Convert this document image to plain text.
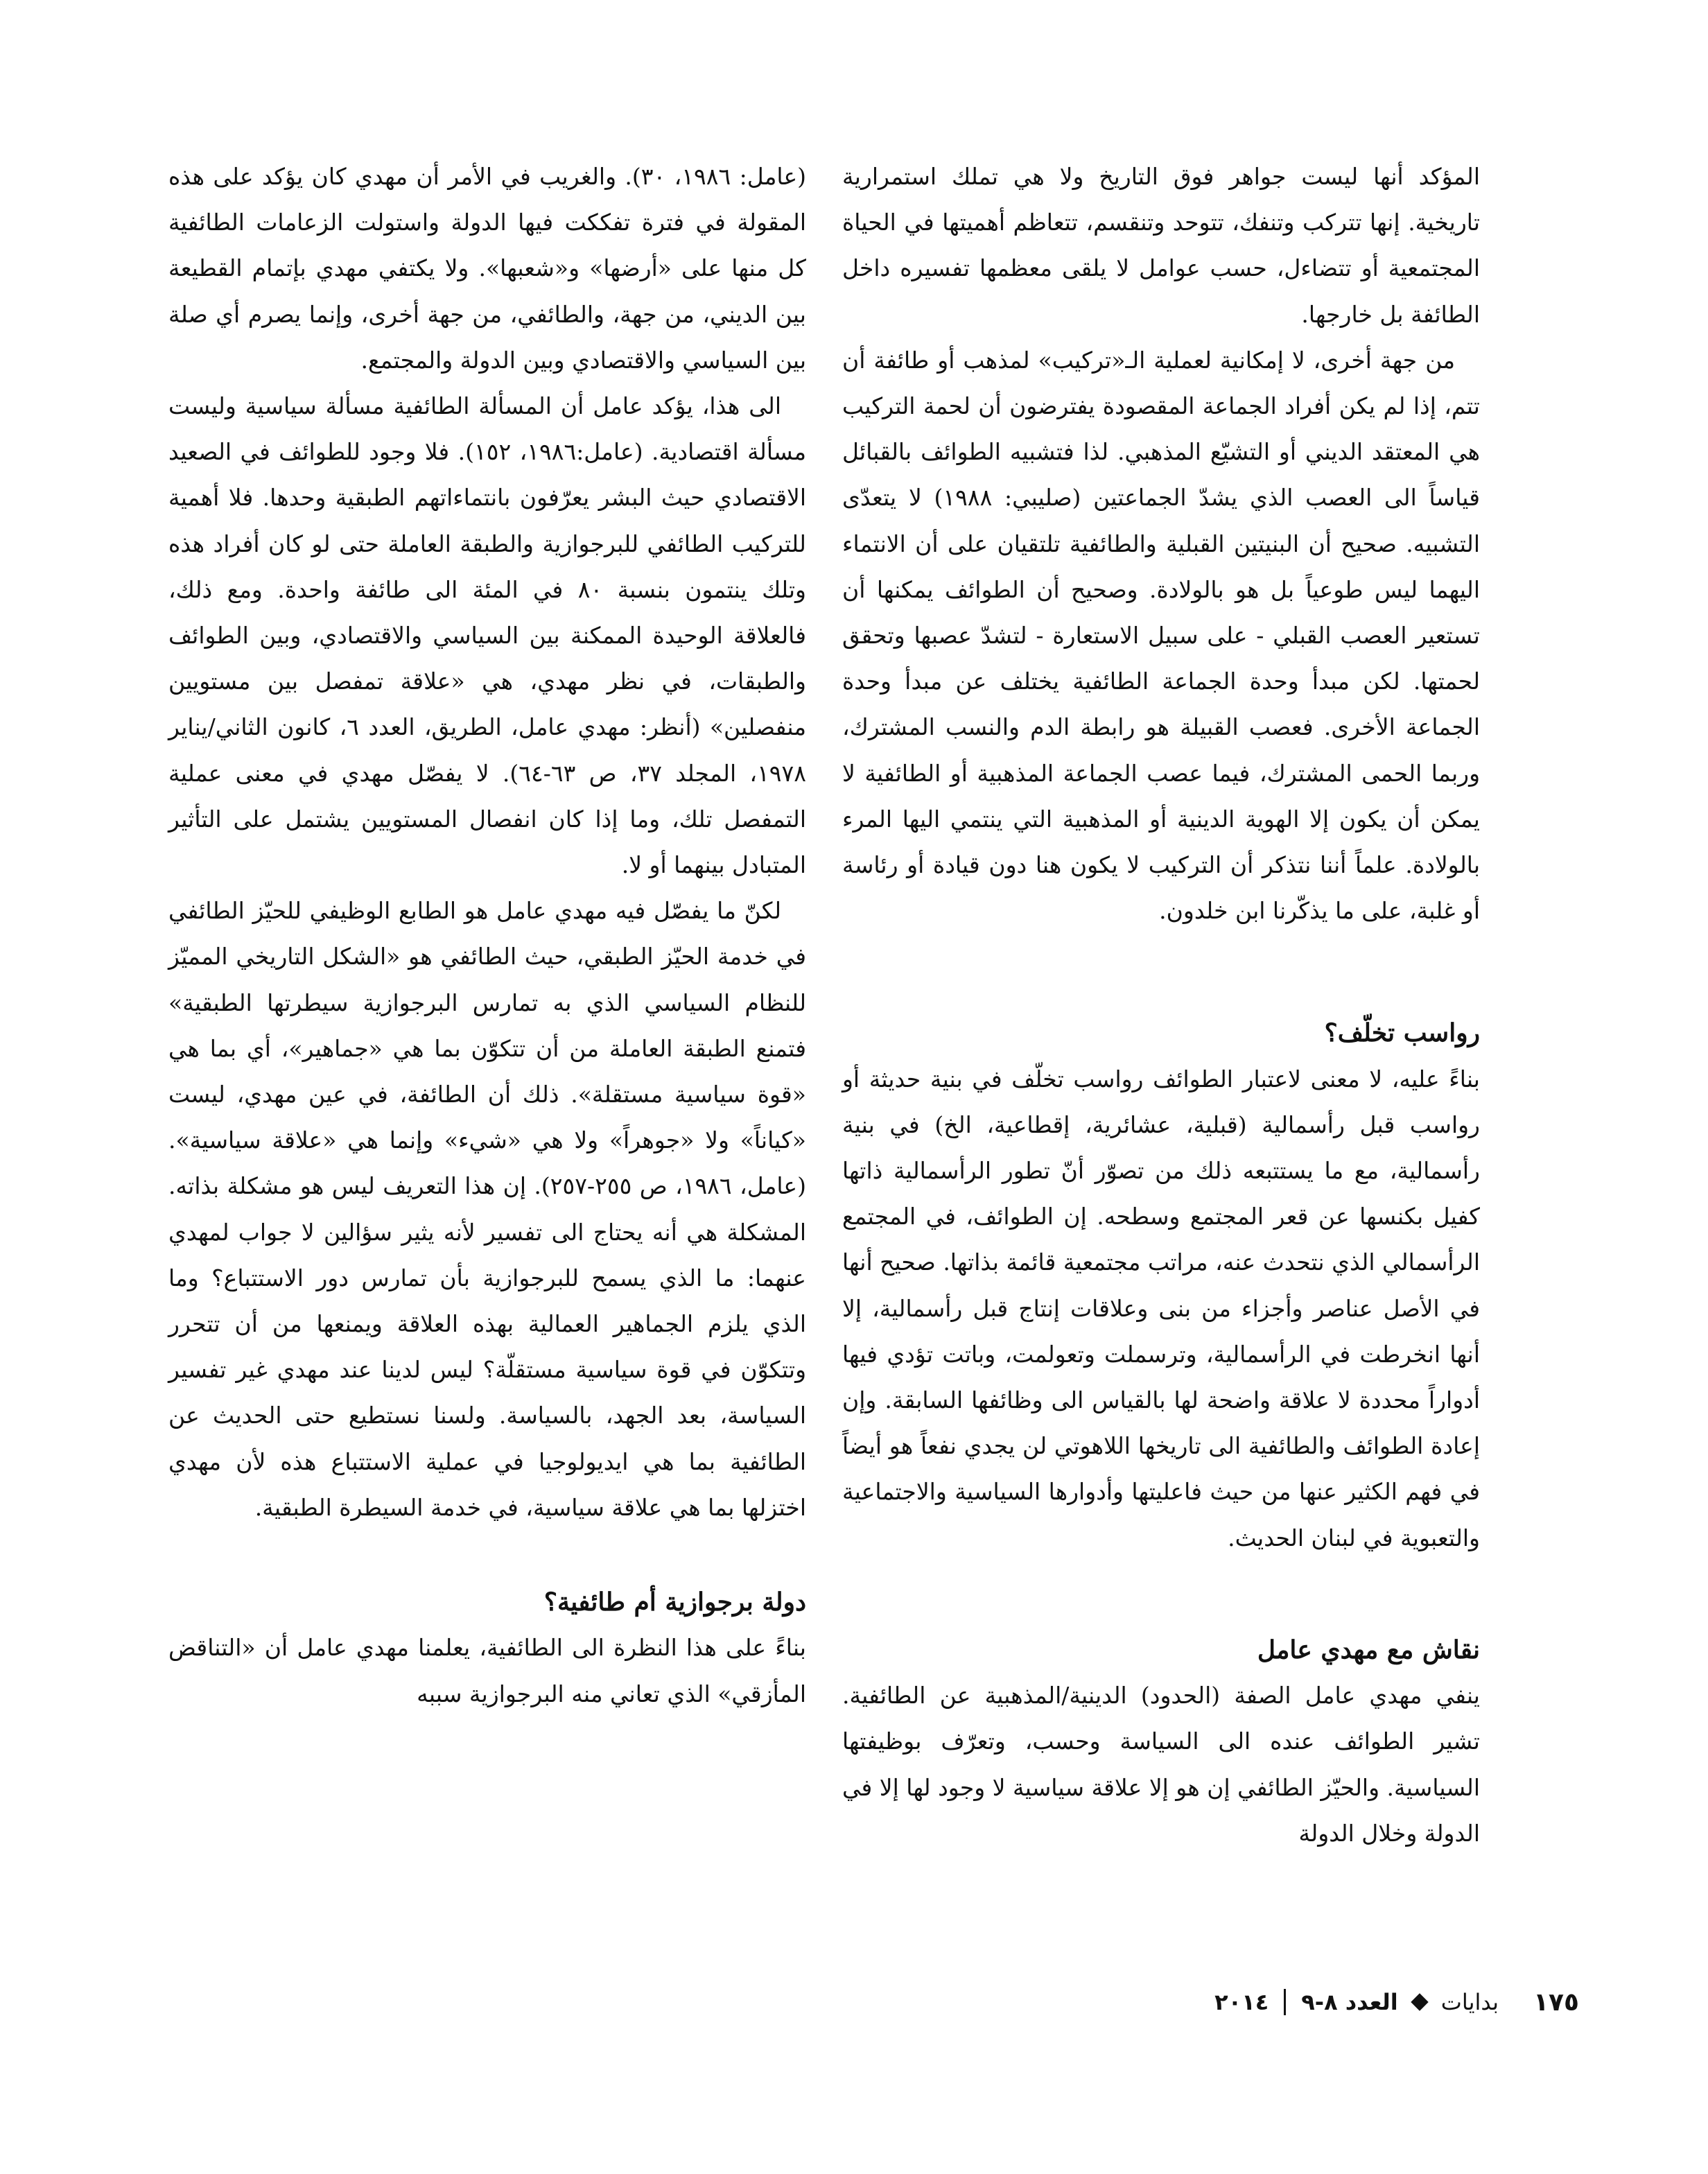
المؤكد أنها ليست جواهر فوق التاريخ ولا هي تملك استمرارية تاريخية. إنها تتركب وتنفك، تتوحد وتنقسم، تتعاظم أهميتها في الحياة المجتمعية أو تتضاءل، حسب عوامل لا يلقى معظمها تفسيره داخل الطائفة بل خارجها.

من جهة أخرى، لا إمكانية لعملية الـ«تركيب» لمذهب أو طائفة أن تتم، إذا لم يكن أفراد الجماعة المقصودة يفترضون أن لحمة التركيب هي المعتقد الديني أو التشيّع المذهبي. لذا فتشبيه الطوائف بالقبائل قياساً الى العصب الذي يشدّ الجماعتين (صليبي: ١٩٨٨) لا يتعدّى التشبيه. صحيح أن البنيتين القبلية والطائفية تلتقيان على أن الانتماء اليهما ليس طوعياً بل هو بالولادة. وصحيح أن الطوائف يمكنها أن تستعير العصب القبلي - على سبيل الاستعارة - لتشدّ عصبها وتحقق لحمتها. لكن مبدأ وحدة الجماعة الطائفية يختلف عن مبدأ وحدة الجماعة الأخرى. فعصب القبيلة هو رابطة الدم والنسب المشترك، وربما الحمى المشترك، فيما عصب الجماعة المذهبية أو الطائفية لا يمكن أن يكون إلا الهوية الدينية أو المذهبية التي ينتمي اليها المرء بالولادة. علماً أننا نتذكر أن التركيب لا يكون هنا دون قيادة أو رئاسة أو غلبة، على ما يذكّرنا ابن خلدون.

رواسب تخلّف؟

بناءً عليه، لا معنى لاعتبار الطوائف رواسب تخلّف في بنية حديثة أو رواسب قبل رأسمالية (قبلية، عشائرية، إقطاعية، الخ) في بنية رأسمالية، مع ما يستتبعه ذلك من تصوّر أنّ تطور الرأسمالية ذاتها كفيل بكنسها عن قعر المجتمع وسطحه. إن الطوائف، في المجتمع الرأسمالي الذي نتحدث عنه، مراتب مجتمعية قائمة بذاتها. صحيح أنها في الأصل عناصر وأجزاء من بنى وعلاقات إنتاج قبل رأسمالية، إلا أنها انخرطت في الرأسمالية، وترسملت وتعولمت، وباتت تؤدي فيها أدواراً محددة لا علاقة واضحة لها بالقياس الى وظائفها السابقة. وإن إعادة الطوائف والطائفية الى تاريخها اللاهوتي لن يجدي نفعاً هو أيضاً في فهم الكثير عنها من حيث فاعليتها وأدوارها السياسية والاجتماعية والتعبوية في لبنان الحديث.

نقاش مع مهدي عامل

ينفي مهدي عامل الصفة (الحدود) الدينية/المذهبية عن الطائفية. تشير الطوائف عنده الى السياسة وحسب، وتعرّف بوظيفتها السياسية. والحيّز الطائفي إن هو إلا علاقة سياسية لا وجود لها إلا في الدولة وخلال الدولة

(عامل: ١٩٨٦، ٣٠). والغريب في الأمر أن مهدي كان يؤكد على هذه المقولة في فترة تفككت فيها الدولة واستولت الزعامات الطائفية كل منها على «أرضها» و«شعبها». ولا يكتفي مهدي بإتمام القطيعة بين الديني، من جهة، والطائفي، من جهة أخرى، وإنما يصرم أي صلة بين السياسي والاقتصادي وبين الدولة والمجتمع.

الى هذا، يؤكد عامل أن المسألة الطائفية مسألة سياسية وليست مسألة اقتصادية. (عامل:١٩٨٦، ١٥٢). فلا وجود للطوائف في الصعيد الاقتصادي حيث البشر يعرّفون بانتماءاتهم الطبقية وحدها. فلا أهمية للتركيب الطائفي للبرجوازية والطبقة العاملة حتى لو كان أفراد هذه وتلك ينتمون بنسبة ٨٠ في المئة الى طائفة واحدة. ومع ذلك، فالعلاقة الوحيدة الممكنة بين السياسي والاقتصادي، وبين الطوائف والطبقات، في نظر مهدي، هي «علاقة تمفصل بين مستويين منفصلين» (أنظر: مهدي عامل، الطريق، العدد ٦، كانون الثاني/يناير ١٩٧٨، المجلد ٣٧، ص ٦٣-٦٤). لا يفصّل مهدي في معنى عملية التمفصل تلك، وما إذا كان انفصال المستويين يشتمل على التأثير المتبادل بينهما أو لا.

لكنّ ما يفصّل فيه مهدي عامل هو الطابع الوظيفي للحيّز الطائفي في خدمة الحيّز الطبقي، حيث الطائفي هو «الشكل التاريخي المميّز للنظام السياسي الذي به تمارس البرجوازية سيطرتها الطبقية» فتمنع الطبقة العاملة من أن تتكوّن بما هي «جماهير»، أي بما هي «قوة سياسية مستقلة». ذلك أن الطائفة، في عين مهدي، ليست «كياناً» ولا «جوهراً» ولا هي «شيء» وإنما هي «علاقة سياسية». (عامل، ١٩٨٦، ص ٢٥٥-٢٥٧). إن هذا التعريف ليس هو مشكلة بذاته. المشكلة هي أنه يحتاج الى تفسير لأنه يثير سؤالين لا جواب لمهدي عنهما: ما الذي يسمح للبرجوازية بأن تمارس دور الاستتباع؟ وما الذي يلزم الجماهير العمالية بهذه العلاقة ويمنعها من أن تتحرر وتتكوّن في قوة سياسية مستقلّة؟ ليس لدينا عند مهدي غير تفسير السياسة، بعد الجهد، بالسياسة. ولسنا نستطيع حتى الحديث عن الطائفية بما هي ايديولوجيا في عملية الاستتباع هذه لأن مهدي اختزلها بما هي علاقة سياسية، في خدمة السيطرة الطبقية.

دولة برجوازية أم طائفية؟

بناءً على هذا النظرة الى الطائفية، يعلمنا مهدي عامل أن «التناقض المأزقي» الذي تعاني منه البرجوازية سببه

١٧٥
بدايات
العدد ٨-٩
٢٠١٤
